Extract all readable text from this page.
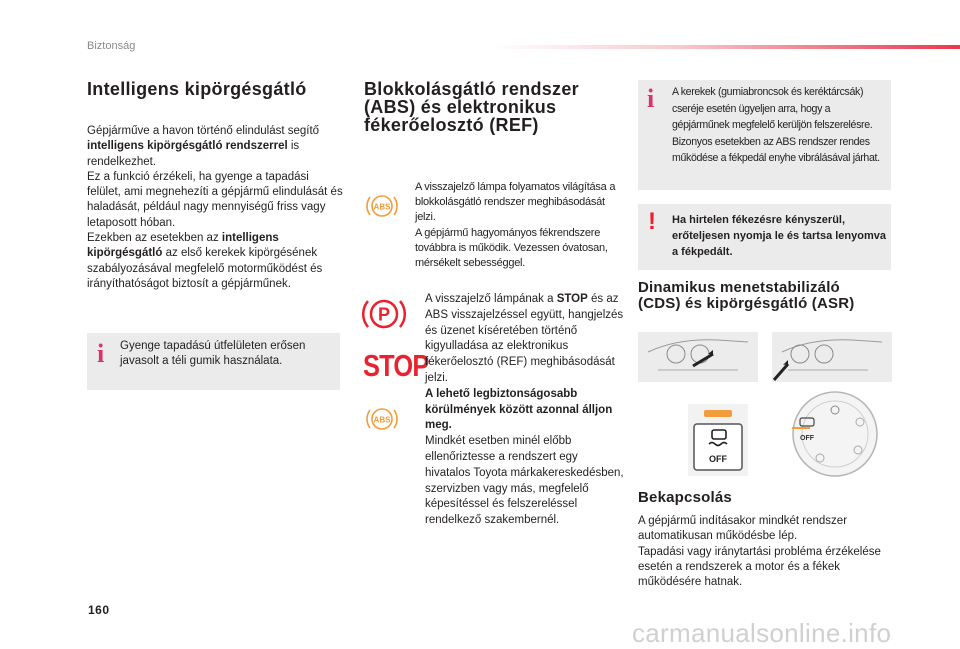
Biztonság
Intelligens kipörgésgátló
Gépjárműve a havon történő elindulást segítő intelligens kipörgésgátló rendszerrel is rendelkezhet.
Ez a funkció érzékeli, ha gyenge a tapadási felület, ami megnehezíti a gépjármű elindulását és haladását, például nagy mennyiségű friss vagy letaposott hóban.
Ezekben az esetekben az intelligens kipörgésgátló az első kerekek kipörgésének szabályozásával megfelelő motorműködést és irányíthatóságot biztosít a gépjárműnek.
i Gyenge tapadású útfelületen erősen javasolt a téli gumik használata.
Blokkolásgátló rendszer
(ABS) és elektronikus
fékerőelosztó (REF)
ABS
A visszajelző lámpa folyamatos világítása a blokkolásgátló rendszer meghibásodását jelzi.
A gépjármű hagyományos fékrendszere továbbra is működik. Vezessen óvatosan, mérsékelt sebességgel.
P
STOP
ABS
A visszajelző lámpának a STOP és az ABS visszajelzéssel együtt, hangjelzés és üzenet kíséretében történő kigyulladása az elektronikus fékerőelosztó (REF) meghibásodását jelzi.
A lehető legbiztonságosabb körülmények között azonnal álljon meg.
Mindkét esetben minél előbb ellenőriztesse a rendszert egy hivatalos Toyota márkakereskedésben, szervizben vagy más, megfelelő képesítéssel és felszereléssel rendelkező szakembernél.
i A kerekek (gumiabroncsok és keréktárcsák) cseréje esetén ügyeljen arra, hogy a gépjárműnek megfelelő kerüljön felszerelésre. Bizonyos esetekben az ABS rendszer rendes működése a fékpedál enyhe vibrálásával járhat.
! Ha hirtelen fékezésre kényszerül, erőteljesen nyomja le és tartsa lenyomva a fékpedált.
Dinamikus menetstabilizáló
(CDS) és kipörgésgátló (ASR)
OFF
OFF
Bekapcsolás
A gépjármű indításakor mindkét rendszer automatikusan működésbe lép.
Tapadási vagy iránytartási probléma érzékelése esetén a rendszerek a motor és a fékek működésére hatnak.
160
carmanualsonline.info
